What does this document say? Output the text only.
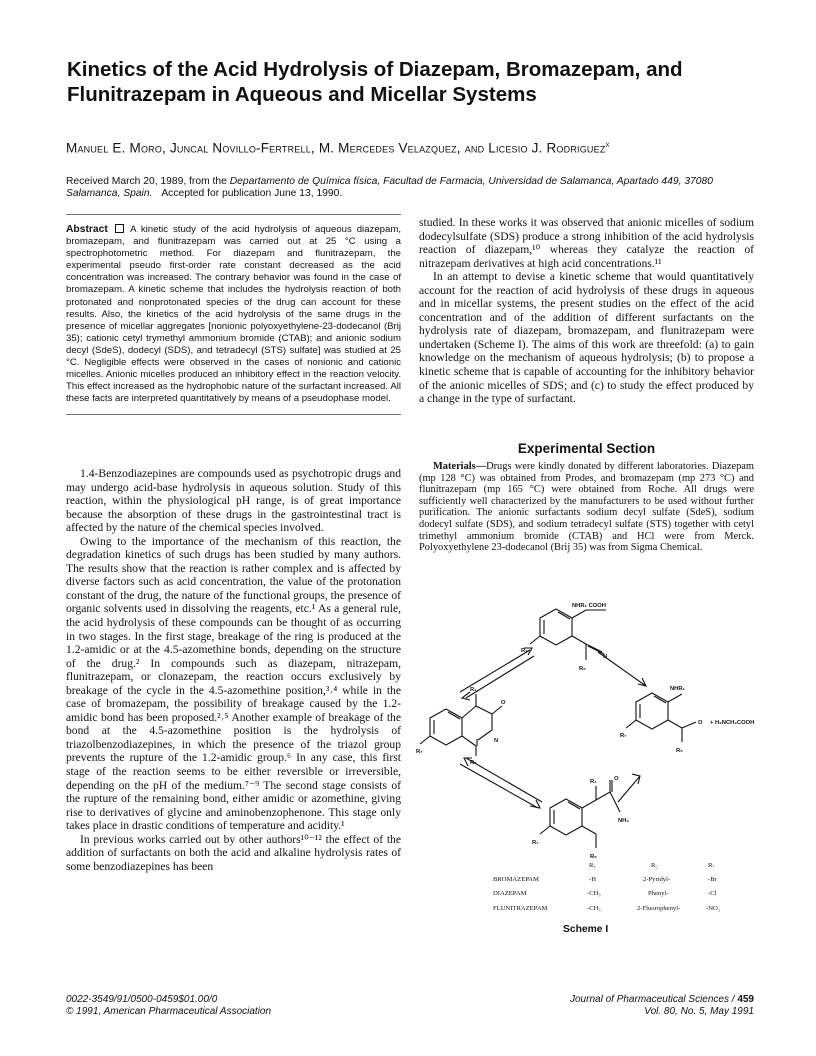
Kinetics of the Acid Hydrolysis of Diazepam, Bromazepam, and Flunitrazepam in Aqueous and Micellar Systems
Manuel E. Moro, Juncal Novillo-Fertrell, M. Mercedes Velazquez, and Licesio J. Rodriguez$^x$
Received March 20, 1989, from the Departamento de Química física, Facultad de Farmacia, Universidad de Salamanca, Apartado 449, 37080 Salamanca, Spain. Accepted for publication June 13, 1990.
Abstract A kinetic study of the acid hydrolysis of aqueous diazepam, bromazepam, and flunitrazepam was carried out at 25 °C using a spectrophotometric method. For diazepam and flunitrazepam, the experimental pseudo first-order rate constant decreased as the acid concentration was increased. The contrary behavior was found in the case of bromazepam. A kinetic scheme that includes the hydrolysis reaction of both protonated and nonprotonated species of the drug can account for these results. Also, the kinetics of the acid hydrolysis of the same drugs in the presence of micellar aggregates [nonionic polyoxyethylene-23-dodecanol (Brij 35); cationic cetyl trymethyl ammonium bromide (CTAB); and anionic sodium decyl (SdeS), dodecyl (SDS), and tetradecyl (STS) sulfate] was studied at 25 °C. Negligible effects were observed in the cases of nonionic and cationic micelles. Anionic micelles produced an inhibitory effect in the reaction velocity. This effect increased as the hydrophobic nature of the surfactant increased. All these facts are interpreted quantitatively by means of a pseudophase model.

1.4-Benzodiazepines are compounds used as psychotropic drugs and may undergo acid-base hydrolysis in aqueous solution. Study of this reaction, within the physiological pH range, is of great importance because the absorption of these drugs in the gastrointestinal tract is affected by the nature of the chemical species involved.

Owing to the importance of the mechanism of this reaction, the degradation kinetics of such drugs has been studied by many authors. The results show that the reaction is rather complex and is affected by diverse factors such as acid concentration, the value of the protonation constant of the drug, the nature of the functional groups, the presence of organic solvents used in dissolving the reagents, etc.¹ As a general rule, the acid hydrolysis of these compounds can be thought of as occurring in two stages. In the first stage, breakage of the ring is produced at the 1.2-amidic or at the 4.5-azomethine bonds, depending on the structure of the drug.² In compounds such as diazepam, nitrazepam, flunitrazepam, or clonazepam, the reaction occurs exclusively by breakage of the cycle in the 4.5-azomethine position,³˒⁴ while in the case of bromazepam, the possibility of breakage caused by the 1.2-amidic bond has been proposed.²˒⁵ Another example of breakage of the bond at the 4.5-azomethine position is the hydrolysis of triazolbenzodiazepines, in which the presence of the triazol group prevents the rupture of the 1.2-amidic group.⁶ In any case, this first stage of the reaction seems to be either reversible or irreversible, depending on the pH of the medium.⁷⁻⁹ The second stage consists of the rupture of the remaining bond, either amidic or azomethine, giving rise to derivatives of glycine and aminobenzophenone. This stage only takes place in drastic conditions of temperature and acidity.¹

In previous works carried out by other authors¹⁰⁻¹² the effect of the addition of surfactants on both the acid and alkaline hydrolysis rates of some benzodiazepines has been

studied. In these works it was observed that anionic micelles of sodium dodecylsulfate (SDS) produce a strong inhibition of the acid hydrolysis reaction of diazepam,¹⁰ whereas they catalyze the reaction of nitrazepam derivatives at high acid concentrations.¹¹

In an attempt to devise a kinetic scheme that would quantitatively account for the reaction of acid hydrolysis of these drugs in aqueous and in micellar systems, the present studies on the effect of the acid concentration and of the addition of different surfactants on the hydrolysis rate of diazepam, bromazepam, and flunitrazepam were undertaken (Scheme I). The aims of this work are threefold: (a) to gain knowledge on the mechanism of aqueous hydrolysis; (b) to propose a kinetic scheme that is capable of accounting for the inhibitory behavior of the anionic micelles of SDS; and (c) to study the effect produced by a change in the type of surfactant.

Experimental Section

Materials—Drugs were kindly donated by different laboratories. Diazepam (mp 128 °C) was obtained from Prodes, and bromazepam (mp 273 °C) and flunitrazepam (mp 165 °C) were obtained from Roche. All drugs were sufficiently well characterized by the manufacturers to be used without further purification. The anionic surfactants sodium decyl sulfate (SdeS), sodium dodecyl sulfate (SDS), and sodium tetradecyl sulfate (STS) together with cetyl trimethyl ammonium bromide (CTAB) and HCl were from Merck. Polyoxyethylene 23-dodecanol (Brij 35) was from Sigma Chemical.

NHR₁ COOH
R₇
R₅
N
R₁
O
N
R₇
R₅
NHR₁
O + H₂NCH₂COOH
R₇
R₅
R₁	O
NH₂
R₇
R₅
R₁	R₅	R₇
BROMAZEPAM	-H	2-Pyridyl-	-Br
DIAZEPAM	-CH₃	Phenyl-	-Cl
FLUNITRAZEPAM	-CH₃	2-Fluorophenyl-	-NO₂
Scheme I
0022-3549/91/0500-0459$01.00/0
© 1991, American Pharmaceutical Association
Journal of Pharmaceutical Sciences / 459
Vol. 80, No. 5, May 1991
